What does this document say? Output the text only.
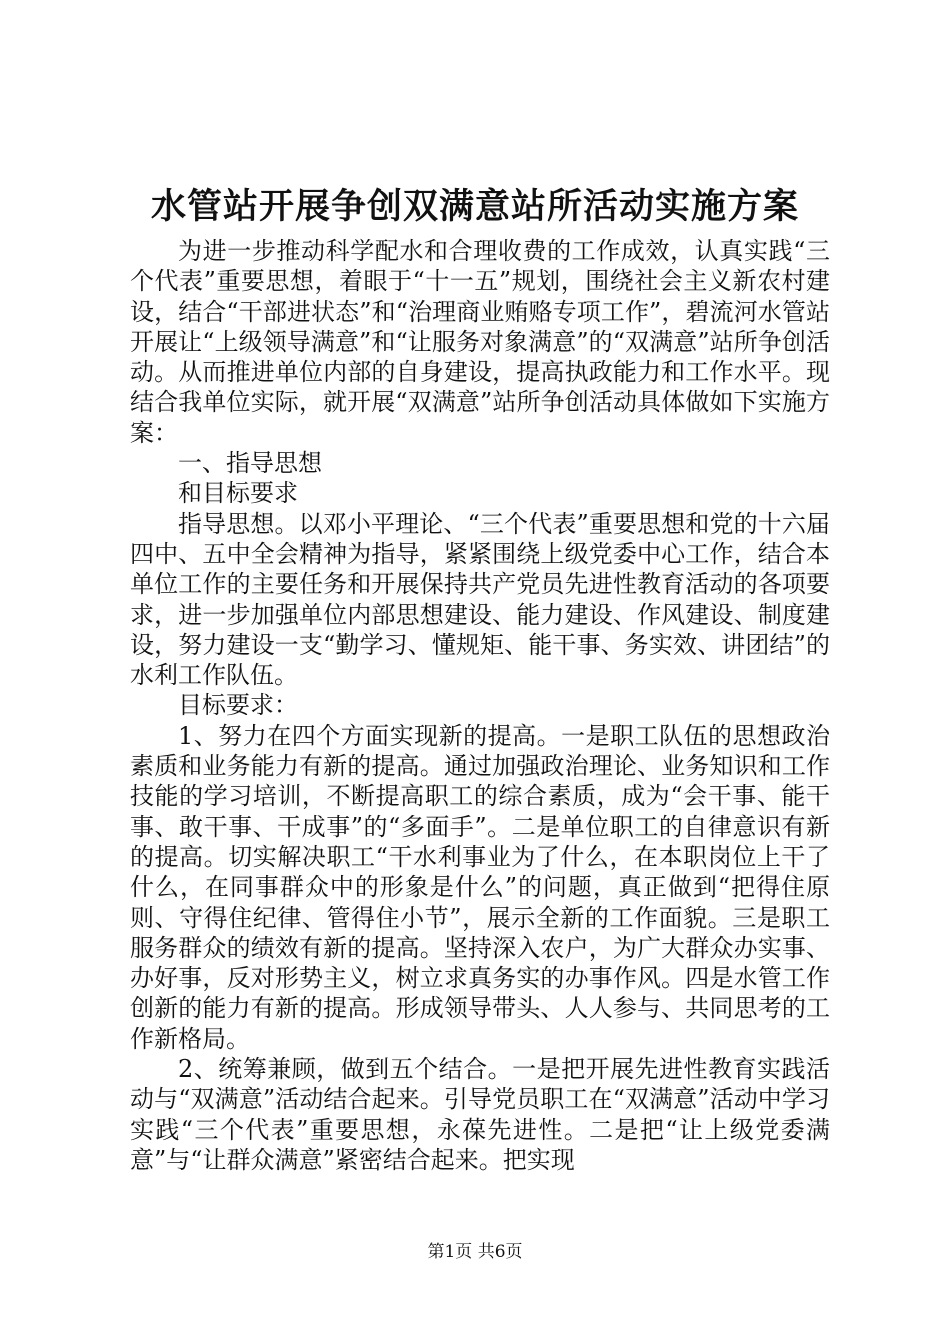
水管站开展争创双满意站所活动实施方案

为进一步推动科学配水和合理收费的工作成效，认真实践“三个代表”重要思想，着眼于“十一五”规划，围绕社会主义新农村建设，结合“干部进状态”和“治理商业贿赂专项工作”，碧流河水管站开展让“上级领导满意”和“让服务对象满意”的“双满意”站所争创活动。从而推进单位内部的自身建设，提高执政能力和工作水平。现结合我单位实际，就开展“双满意”站所争创活动具体做如下实施方案：

一、指导思想

和目标要求

指导思想。以邓小平理论、“三个代表”重要思想和党的十六届四中、五中全会精神为指导，紧紧围绕上级党委中心工作，结合本单位工作的主要任务和开展保持共产党员先进性教育活动的各项要求，进一步加强单位内部思想建设、能力建设、作风建设、制度建设，努力建设一支“勤学习、懂规矩、能干事、务实效、讲团结”的水利工作队伍。

目标要求：

1、努力在四个方面实现新的提高。一是职工队伍的思想政治素质和业务能力有新的提高。通过加强政治理论、业务知识和工作技能的学习培训，不断提高职工的综合素质，成为“会干事、能干事、敢干事、干成事”的“多面手”。二是单位职工的自律意识有新的提高。切实解决职工“干水利事业为了什么，在本职岗位上干了什么，在同事群众中的形象是什么”的问题，真正做到“把得住原则、守得住纪律、管得住小节”，展示全新的工作面貌。三是职工服务群众的绩效有新的提高。坚持深入农户，为广大群众办实事、办好事，反对形势主义，树立求真务实的办事作风。四是水管工作创新的能力有新的提高。形成领导带头、人人参与、共同思考的工作新格局。

2、统筹兼顾，做到五个结合。一是把开展先进性教育实践活动与“双满意”活动结合起来。引导党员职工在“双满意”活动中学习实践“三个代表”重要思想，永葆先进性。二是把“让上级党委满意”与“让群众满意”紧密结合起来。把实现

第1页 共6页
